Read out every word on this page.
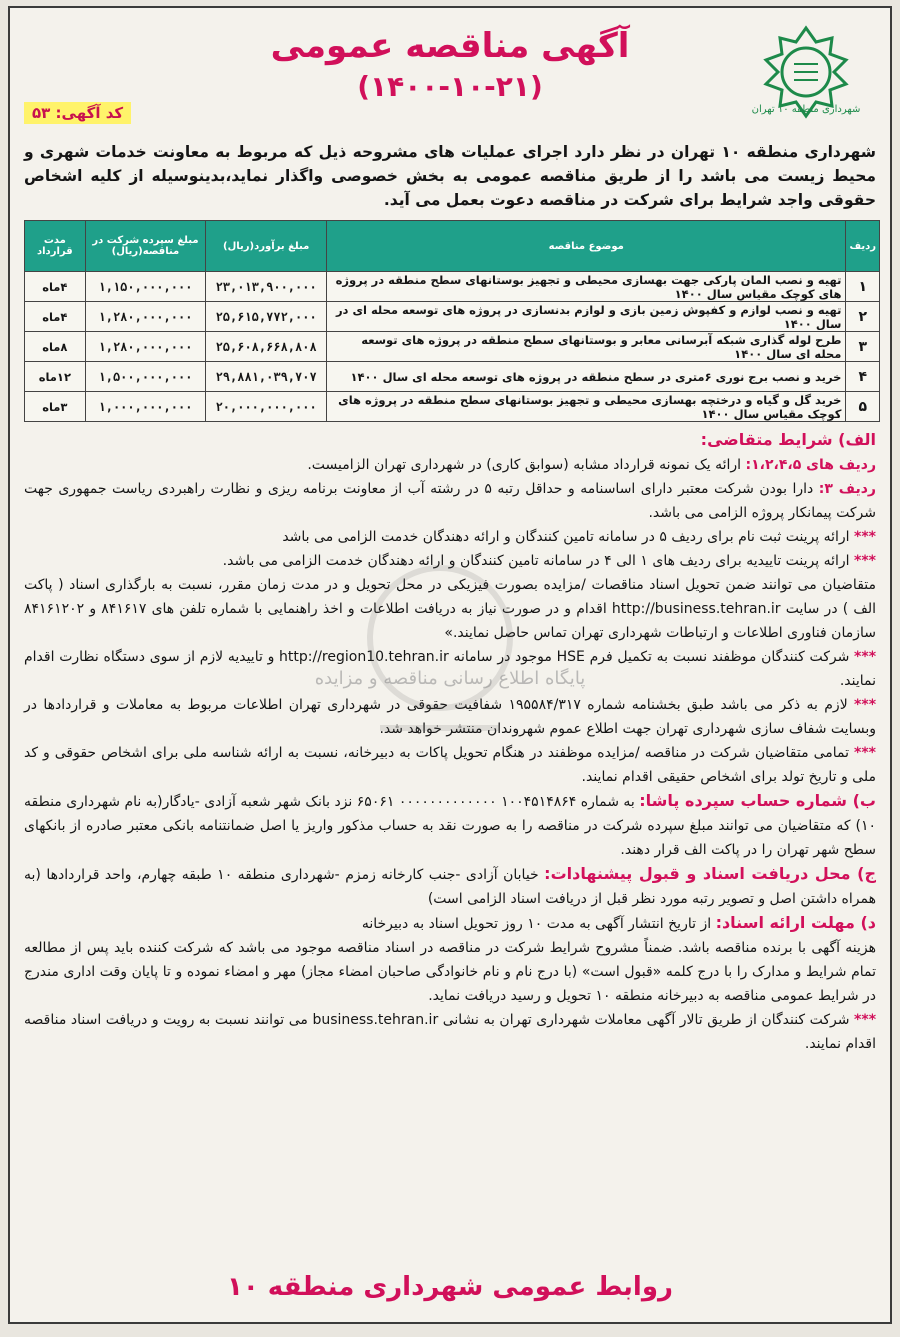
شهرداری منطقه ۱۰ تهران
آگهی مناقصه عمومی
(۱۴۰۰-۱۰-۲۱)
کد آگهی: ۵۳
شهرداری منطقه ۱۰ تهران در نظر دارد اجرای عملیات های مشروحه ذیل که مربوط به معاونت خدمات شهری و محیط زیست می باشد را از طریق مناقصه عمومی به بخش خصوصی واگذار نماید،بدینوسیله از کلیه اشخاص حقوقی واجد شرایط برای شرکت در مناقصه دعوت بعمل می آید.
ردیف	موضوع مناقصه	مبلغ برآورد(ریال)	مبلغ سپرده شرکت در مناقصه(ریال)	مدت قرارداد
۱	تهیه و نصب المان پارکی جهت بهسازی محیطی و تجهیز بوستانهای سطح منطقه در پروژه های کوچک مقیاس سال ۱۴۰۰	۲۳,۰۱۳,۹۰۰,۰۰۰	۱,۱۵۰,۰۰۰,۰۰۰	۴ماه
۲	تهیه و نصب لوازم و کفپوش زمین بازی و لوازم بدنسازی در پروژه های توسعه محله ای در سال ۱۴۰۰	۲۵,۶۱۵,۷۷۲,۰۰۰	۱,۲۸۰,۰۰۰,۰۰۰	۴ماه
۳	طرح لوله گذاری شبکه آبرسانی معابر و بوستانهای سطح منطقه در پروژه های توسعه محله ای سال ۱۴۰۰	۲۵,۶۰۸,۶۶۸,۸۰۸	۱,۲۸۰,۰۰۰,۰۰۰	۸ماه
۴	خرید و نصب برج نوری ۶متری در سطح منطقه در پروژه های توسعه محله ای سال ۱۴۰۰	۲۹,۸۸۱,۰۳۹,۷۰۷	۱,۵۰۰,۰۰۰,۰۰۰	۱۲ماه
۵	خرید گل و گیاه و درختچه بهسازی محیطی و تجهیز بوستانهای سطح منطقه در پروژه های کوچک مقیاس سال ۱۴۰۰	۲۰,۰۰۰,۰۰۰,۰۰۰	۱,۰۰۰,۰۰۰,۰۰۰	۳ماه
پایگاه اطلاع رسانی مناقصه و مزایده

الف) شرایط متقاضی:

ردیف های ۱،۲،۴،۵: ارائه یک نمونه قرارداد مشابه (سوابق کاری) در شهرداری تهران الزامیست.

ردیف ۳: دارا بودن شرکت معتبر دارای اساسنامه و حداقل رتبه ۵ در رشته آب از معاونت برنامه ریزی و نظارت راهبردی ریاست جمهوری جهت شرکت پیمانکار پروژه الزامی می باشد.

*** ارائه پرینت ثبت نام برای ردیف ۵ در سامانه تامین کنندگان و ارائه دهندگان خدمت الزامی می باشد

*** ارائه پرینت تاییدیه برای ردیف های ۱ الی ۴ در سامانه تامین کنندگان و ارائه دهندگان خدمت الزامی می باشد.

متقاضیان می توانند ضمن تحویل اسناد مناقصات /مزایده بصورت فیزیکی در محل تحویل و در مدت زمان مقرر، نسبت به بارگذاری اسناد ( پاکت الف ) در سایت http://business.tehran.ir اقدام و در صورت نیاز به دریافت اطلاعات و اخذ راهنمایی با شماره تلفن های ۸۴۱۶۱۷ و ۸۴۱۶۱۲۰۲ سازمان فناوری اطلاعات و ارتباطات شهرداری تهران تماس حاصل نمایند.»

*** شرکت کنندگان موظفند نسبت به تکمیل فرم HSE موجود در سامانه http://region10.tehran.ir و تاییدیه لازم از سوی دستگاه نظارت اقدام نمایند.

*** لازم به ذکر می باشد طبق بخشنامه شماره ۱۹۵۵۸۴/۳۱۷ شفافیت حقوقی در شهرداری تهران اطلاعات مربوط به معاملات و قراردادها در وبسایت شفاف سازی شهرداری تهران جهت اطلاع عموم شهروندان منتشر خواهد شد.

*** تمامی متقاضیان شرکت در مناقصه /مزایده موظفند در هنگام تحویل پاکات به دبیرخانه، نسبت به ارائه شناسه ملی برای اشخاص حقوقی و کد ملی و تاریخ تولد برای اشخاص حقیقی اقدام نمایند.

ب) شماره حساب سپرده پاشا: به شماره ۱۰۰۴۵۱۴۸۶۴ ۰۰۰۰۰۰۰۰۰۰۰۰۰ ۶۵۰۶۱ نزد بانک شهر شعبه آزادی -یادگار(به نام شهرداری منطقه ۱۰) که متقاضیان می توانند مبلغ سپرده شرکت در مناقصه را به صورت نقد به حساب مذکور واریز یا اصل ضمانتنامه بانکی معتبر صادره از بانکهای سطح شهر تهران را در پاکت الف قرار دهند.

ج) محل دریافت اسناد و قبول پیشنهادات: خیابان آزادی -جنب کارخانه زمزم -شهرداری منطقه ۱۰ طبقه چهارم، واحد قراردادها (به همراه داشتن اصل و تصویر رتبه مورد نظر قبل از دریافت اسناد الزامی است)

د) مهلت ارائه اسناد: از تاریخ انتشار آگهی به مدت ۱۰ روز تحویل اسناد به دبیرخانه

هزینه آگهی با برنده مناقصه باشد. ضمناً مشروح شرایط شرکت در مناقصه در اسناد مناقصه موجود می باشد که شرکت کننده باید پس از مطالعه تمام شرایط و مدارک را با درج کلمه «قبول است» (با درج نام و نام خانوادگی صاحبان امضاء مجاز) مهر و امضاء نموده و تا پایان وقت اداری مندرج در شرایط عمومی مناقصه به دبیرخانه منطقه ۱۰ تحویل و رسید دریافت نماید.

*** شرکت کنندگان از طریق تالار آگهی معاملات شهرداری تهران به نشانی business.tehran.ir می توانند نسبت به رویت و دریافت اسناد مناقصه اقدام نمایند.

روابط عمومی شهرداری منطقه ۱۰
